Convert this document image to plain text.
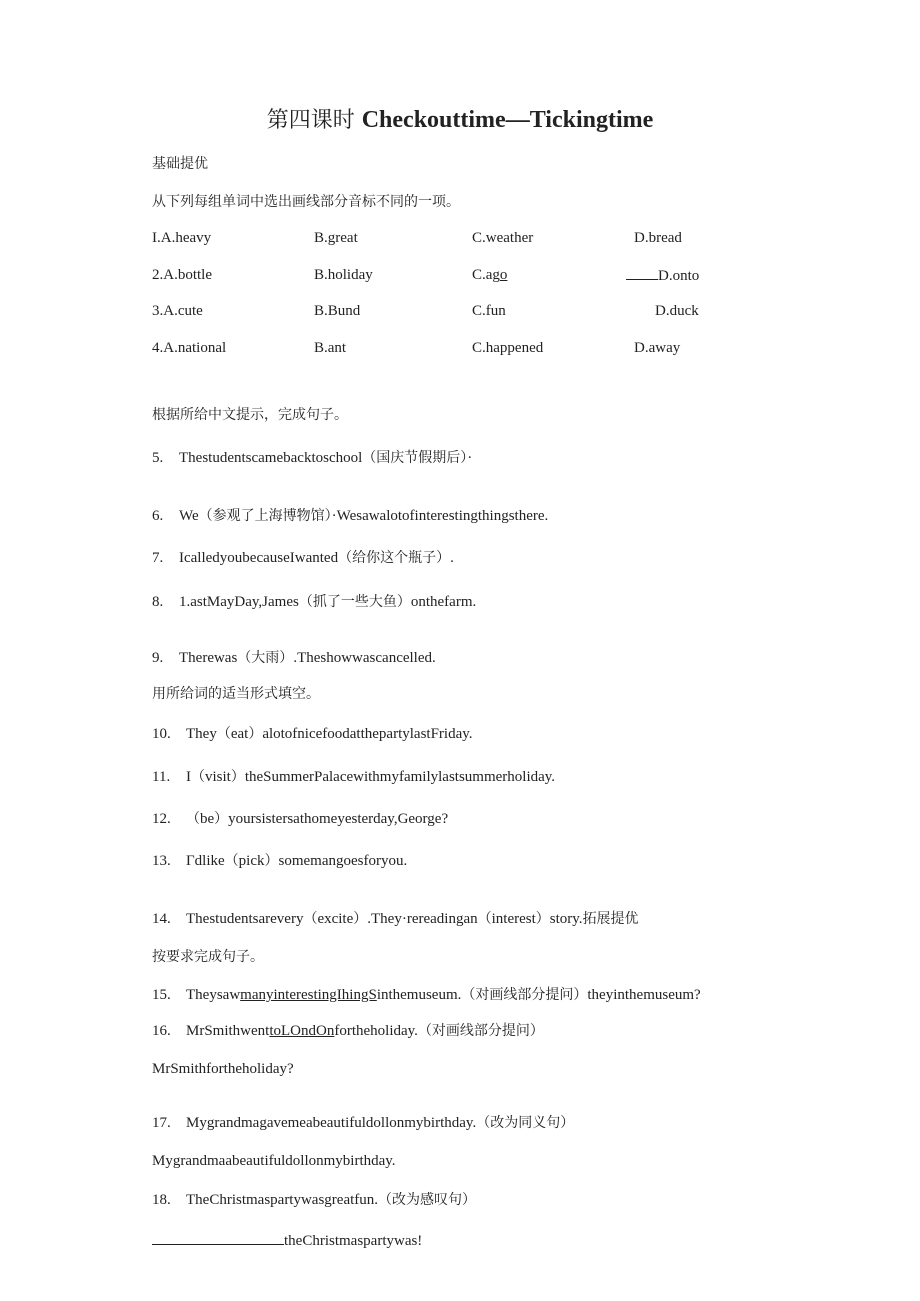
第四课时 Checkouttime—Tickingtime
基础提优
从下列每组单词中选出画线部分音标不同的一项。
I.A.heavy	B.great	C.weather	D.bread
2.A.bottle	B.holiday	C.ago	D.onto
3.A.cute	B.Bund	C.fun	D.duck
4.A.national	B.ant	C.happened	D.away
根据所给中文提示，完成句子。
5. Thestudentscamebacktoschool（国庆节假期后）·
6. We（参观了上海博物馆）·Wesawalotofinterestingthingsthere.
7. IcalledyoubecauseIwanted（给你这个瓶子）.
8. 1.astMayDay,James（抓了一些大鱼）onthefarm.
9. Therewas（大雨）.Theshowwascancelled.
用所给词的适当形式填空。
10. They（eat）alotofnicefoodatthepartylastFriday.
11. I（visit）theSummerPalacewithmyfamilylastsummerholiday.
12. （be）yoursistersathomeyesterday,George?
13. Γdlike（pick）somemangoesforyou.
14. Thestudentsarevery（excite）.They·rereadingan（interest）story.拓展提优
按要求完成句子。
15. TheysawmanyinterestingIhingSinthemuseum.（对画线部分提问）theyinthemuseum?
16. MrSmithwenttoLOndOnfortheholiday.（对画线部分提问）
MrSmithfortheholiday?
17. Mygrandmagavemeabeautifuldollonmybirthday.（改为同义句）
Mygrandmaabeautifuldollonmybirthday.
18. TheChristmaspartywasgreatfun.（改为感叹句）
theChristmaspartywas!
